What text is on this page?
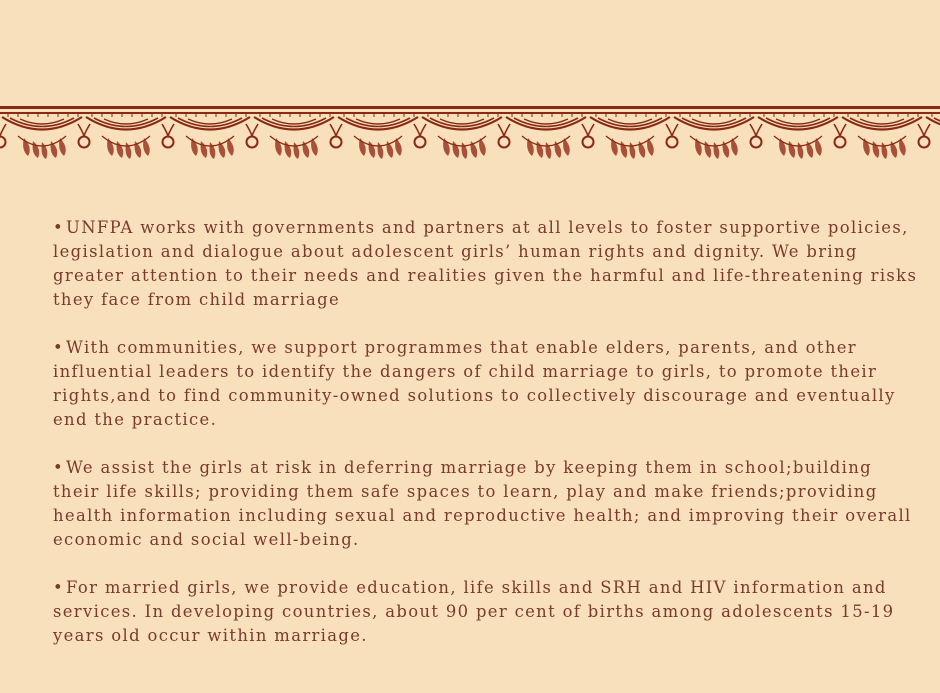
• UNFPA works with governments and partners at all levels to foster supportive policies, legislation and dialogue about adolescent girls’ human rights and dignity. We bring greater attention to their needs and realities given the harmful and life-threatening risks they face from child marriage

• With communities, we support programmes that enable elders, parents, and other influential leaders to identify the dangers of child marriage to girls, to promote their rights,and to find community-owned solutions to collectively discourage and eventually end the practice.

• We assist the girls at risk in deferring marriage by keeping them in school;building their life skills; providing them safe spaces to learn, play and make friends;providing health information including sexual and reproductive health; and improving their overall economic and social well-being.

• For married girls, we provide education, life skills and SRH and HIV information and services. In developing countries, about 90 per cent of births among adolescents 15-19 years old occur within marriage.
